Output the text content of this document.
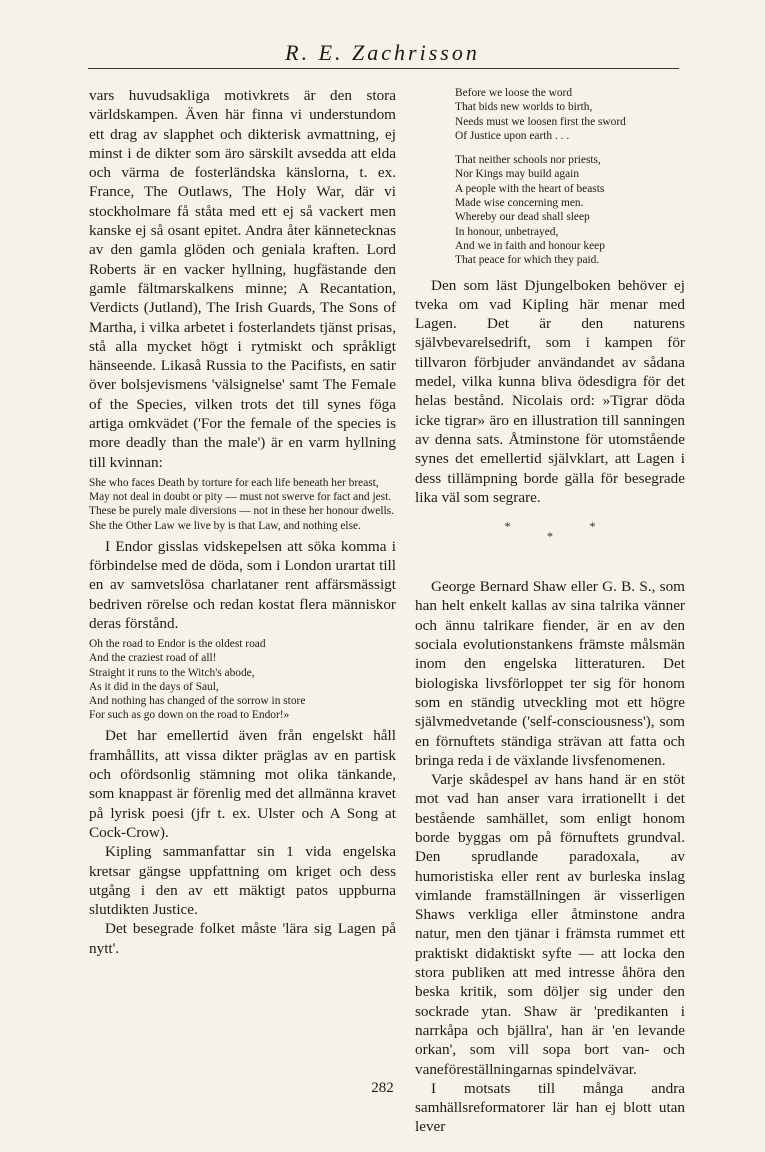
R. E. Zachrisson

vars huvudsakliga motivkrets är den stora världskampen. Även här finna vi understundom ett drag av slapphet och dikterisk avmattning, ej minst i de dikter som äro särskilt avsedda att elda och värma de fosterländska känslorna, t. ex. France, The Outlaws, The Holy War, där vi stockholmare få ståta med ett ej så vackert men kanske ej så osant epitet. Andra åter kännetecknas av den gamla glöden och geniala kraften. Lord Roberts är en vacker hyllning, hugfästande den gamle fältmarskalkens minne; A Recantation, Verdicts (Jutland), The Irish Guards, The Sons of Martha, i vilka arbetet i fosterlandets tjänst prisas, stå alla mycket högt i rytmiskt och språkligt hänseende. Likaså Russia to the Pacifists, en satir över bolsjevismens 'välsignelse' samt The Female of the Species, vilken trots det till synes föga artiga omkvädet ('For the female of the species is more deadly than the male') är en varm hyllning till kvinnan:

She who faces Death by torture for each life beneath her breast,
May not deal in doubt or pity — must not swerve for fact and jest.
These be purely male diversions — not in these her honour dwells.
She the Other Law we live by is that Law, and nothing else.

I Endor gisslas vidskepelsen att söka komma i förbindelse med de döda, som i London urartat till en av samvetslösa charlataner rent affärsmässigt bedriven rörelse och redan kostat flera människor deras förstånd.

Oh the road to Endor is the oldest road
And the craziest road of all!
Straight it runs to the Witch's abode,
As it did in the days of Saul,
And nothing has changed of the sorrow in store
For such as go down on the road to Endor!»

Det har emellertid även från engelskt håll framhållits, att vissa dikter präglas av en partisk och ofördsonlig stämning mot olika tänkande, som knappast är förenlig med det allmänna kravet på lyrisk poesi (jfr t. ex. Ulster och A Song at Cock-Crow).

Kipling sammanfattar sin 1 vida engelska kretsar gängse uppfattning om kriget och dess utgång i den av ett mäktigt patos uppburna slutdikten Justice.

Det besegrade folket måste 'lära sig Lagen på nytt'.

Before we loose the word
That bids new worlds to birth,
Needs must we loosen first the sword
Of Justice upon earth . . .
That neither schools nor priests,
Nor Kings may build again
A people with the heart of beasts
Made wise concerning men.
Whereby our dead shall sleep
In honour, unbetrayed,
And we in faith and honour keep
That peace for which they paid.

Den som läst Djungelboken behöver ej tveka om vad Kipling här menar med Lagen. Det är den naturens självbevarelsedrift, som i kampen för tillvaron förbjuder användandet av sådana medel, vilka kunna bliva ödesdigra för det helas bestånd. Nicolais ord: »Tigrar döda icke tigrar» äro en illustration till sanningen av denna sats. Åtminstone för utomstående synes det emellertid självklart, att Lagen i dess tillämpning borde gälla för besegrade lika väl som segrare.

*	*
*

George Bernard Shaw eller G. B. S., som han helt enkelt kallas av sina talrika vänner och ännu talrikare fiender, är en av den sociala evolutionstankens främste målsmän inom den engelska litteraturen. Det biologiska livsförloppet ter sig för honom som en ständig utveckling mot ett högre självmedvetande ('self-consciousness'), som en förnuftets ständiga strävan att fatta och bringa reda i de växlande livsfenomenen.

Varje skådespel av hans hand är en stöt mot vad han anser vara irrationellt i det bestående samhället, som enligt honom borde byggas om på förnuftets grundval. Den sprudlande paradoxala, av humoristiska eller rent av burleska inslag vimlande framställningen är visserligen Shaws verkliga eller åtminstone andra natur, men den tjänar i främsta rummet ett praktiskt didaktiskt syfte — att locka den stora publiken att med intresse åhöra den beska kritik, som döljer sig under den sockrade ytan. Shaw är 'predikanten i narrkåpa och bjällra', han är 'en levande orkan', som vill sopa bort van- och vaneföreställningarnas spindelvävar.

I motsats till många andra samhällsreformatorer lär han ej blott utan lever

282
